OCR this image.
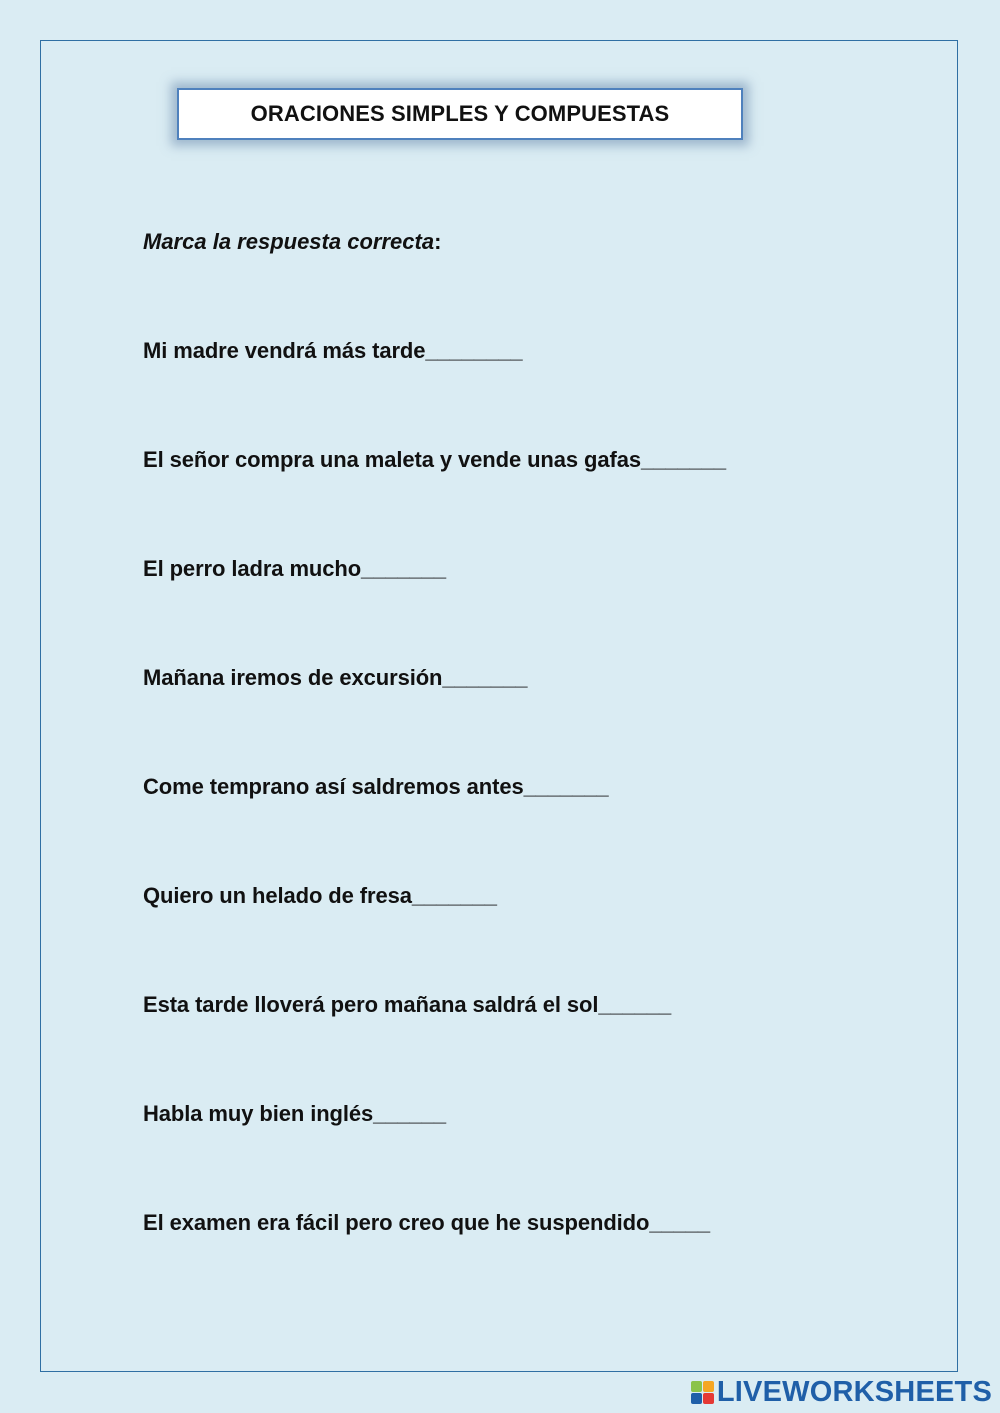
ORACIONES SIMPLES Y COMPUESTAS
Marca la respuesta correcta:
Mi madre vendrá más tarde________
El señor compra una maleta y vende unas gafas_______
El perro ladra mucho_______
Mañana iremos de excursión_______
Come temprano así saldremos antes_______
Quiero un helado de fresa_______
Esta tarde lloverá pero mañana saldrá el sol______
Habla muy bien inglés______
El examen era fácil pero creo que he suspendido_____
LIVEWORKSHEETS
